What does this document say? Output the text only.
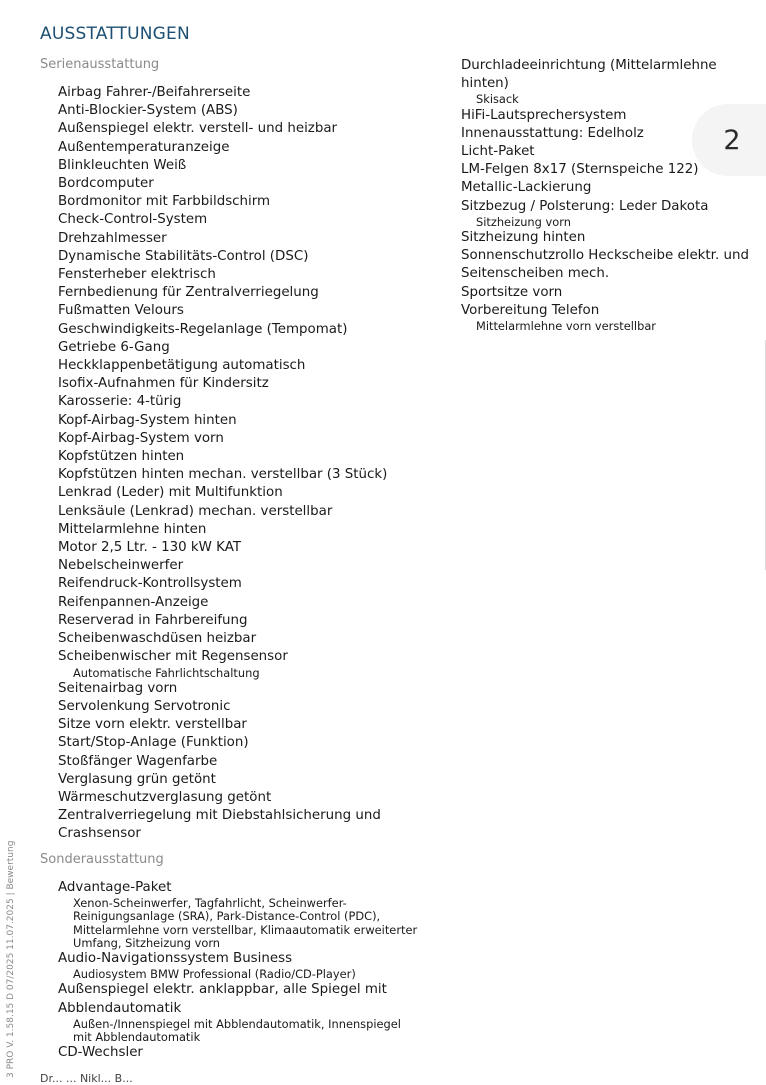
AUSSTATTUNGEN
Serienausstattung
Airbag Fahrer-/Beifahrerseite
Anti-Blockier-System (ABS)
Außenspiegel elektr. verstell- und heizbar
Außentemperaturanzeige
Blinkleuchten Weiß
Bordcomputer
Bordmonitor mit Farbbildschirm
Check-Control-System
Drehzahlmesser
Dynamische Stabilitäts-Control (DSC)
Fensterheber elektrisch
Fernbedienung für Zentralverriegelung
Fußmatten Velours
Geschwindigkeits-Regelanlage (Tempomat)
Getriebe 6-Gang
Heckklappenbetätigung automatisch
Isofix-Aufnahmen für Kindersitz
Karosserie: 4-türig
Kopf-Airbag-System hinten
Kopf-Airbag-System vorn
Kopfstützen hinten
Kopfstützen hinten mechan. verstellbar (3 Stück)
Lenkrad (Leder) mit Multifunktion
Lenksäule (Lenkrad) mechan. verstellbar
Mittelarmlehne hinten
Motor 2,5 Ltr. - 130 kW KAT
Nebelscheinwerfer
Reifendruck-Kontrollsystem
Reifenpannen-Anzeige
Reserverad in Fahrbereifung
Scheibenwaschdüsen heizbar
Scheibenwischer mit Regensensor
Automatische Fahrlichtschaltung
Seitenairbag vorn
Servolenkung Servotronic
Sitze vorn elektr. verstellbar
Start/Stop-Anlage (Funktion)
Stoßfänger Wagenfarbe
Verglasung grün getönt
Wärmeschutzverglasung getönt
Zentralverriegelung mit Diebstahlsicherung und Crashsensor
Durchladeeinrichtung (Mittelarmlehne hinten)
Skisack
HiFi-Lautsprechersystem
Innenausstattung: Edelholz
Licht-Paket
LM-Felgen 8x17 (Sternspeiche 122)
Metallic-Lackierung
Sitzbezug / Polsterung: Leder Dakota
Sitzheizung vorn
Sitzheizung hinten
Sonnenschutzrollo Heckscheibe elektr. und Seitenscheiben mech.
Sportsitze vorn
Vorbereitung Telefon
Mittelarmlehne vorn verstellbar
2
Sonderausstattung
Advantage-Paket
Xenon-Scheinwerfer, Tagfahrlicht, Scheinwerfer-Reinigungsanlage (SRA), Park-Distance-Control (PDC), Mittelarmlehne vorn verstellbar, Klimaautomatik erweiterter Umfang, Sitzheizung vorn
Audio-Navigationssystem Business
Audiosystem BMW Professional (Radio/CD-Player)
Außenspiegel elektr. anklappbar, alle Spiegel mit Abblendautomatik
Außen-/Innenspiegel mit Abblendautomatik, Innenspiegel mit Abblendautomatik
CD-Wechsler
3 PRO V. 1.58.15 D 07/2025 11.07.2025 | Bewertung
Dr... ... Nikl... B...
